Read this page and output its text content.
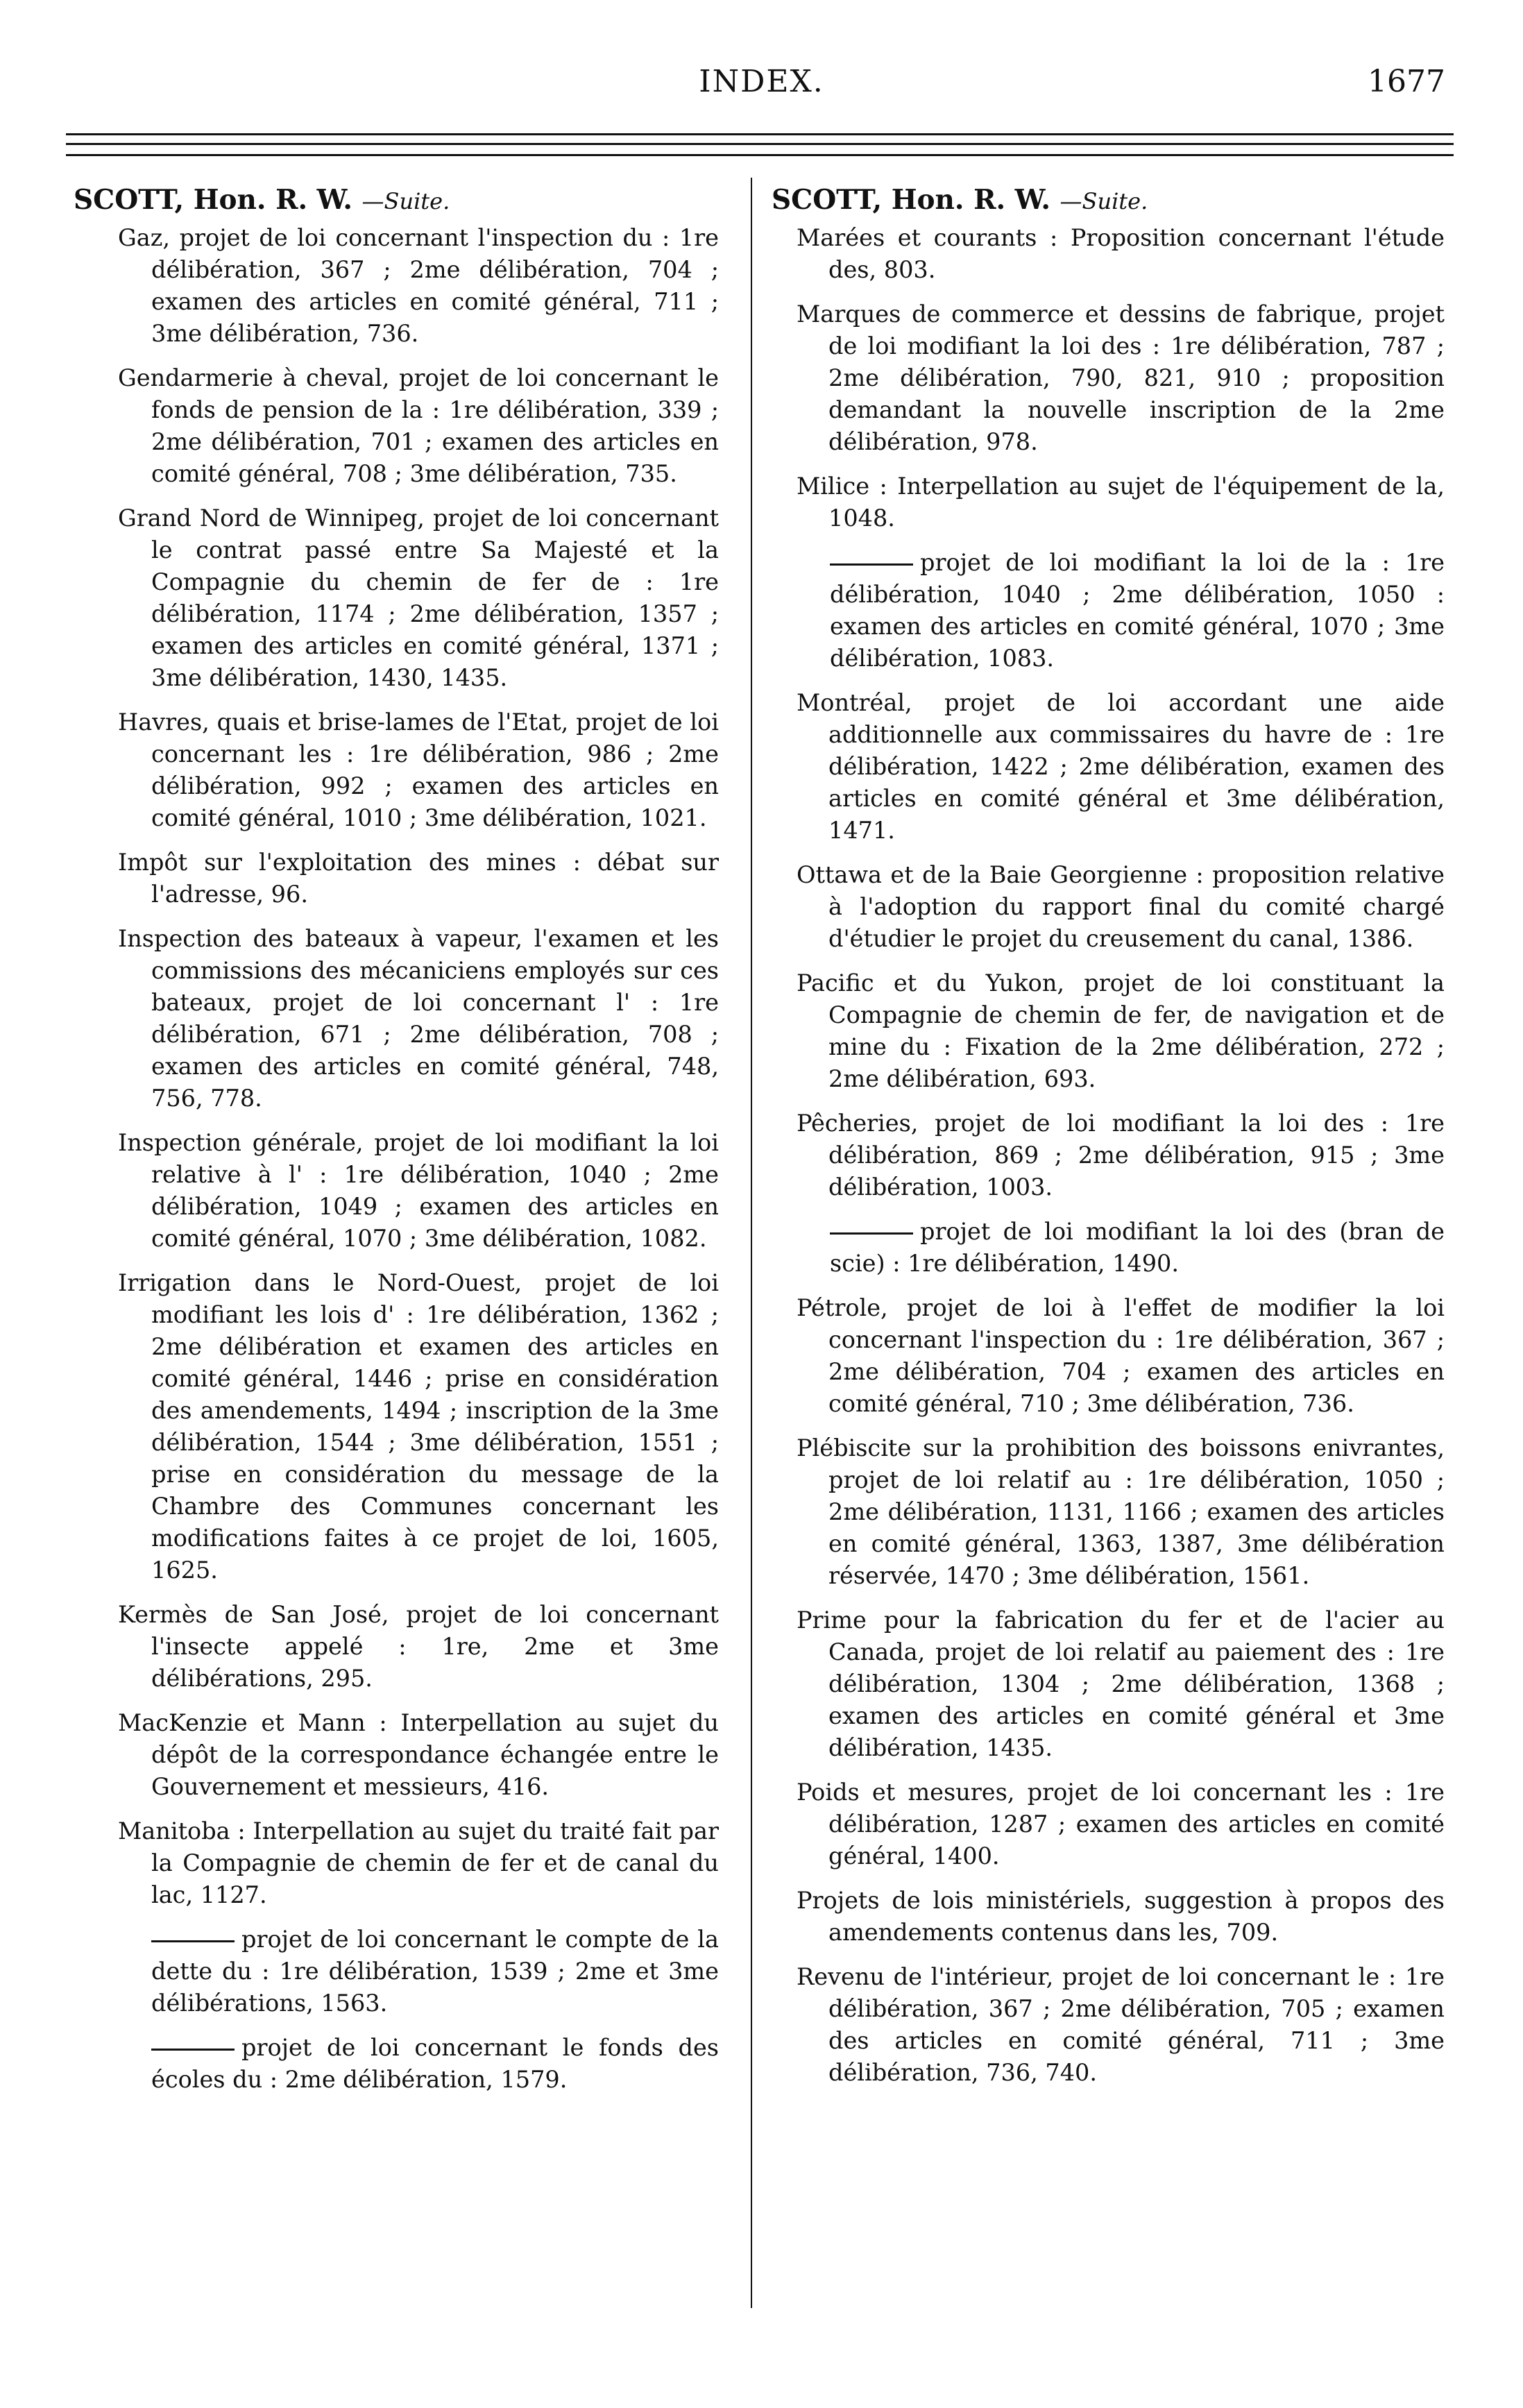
INDEX.	1677
SCOTT, Hon. R. W. —Suite.

Gaz, projet de loi concernant l'inspection du : 1re délibération, 367 ; 2me délibération, 704 ; examen des articles en comité général, 711 ; 3me délibération, 736.

Gendarmerie à cheval, projet de loi concernant le fonds de pension de la : 1re délibération, 339 ; 2me délibération, 701 ; examen des articles en comité général, 708 ; 3me délibération, 735.

Grand Nord de Winnipeg, projet de loi concernant le contrat passé entre Sa Majesté et la Compagnie du chemin de fer de : 1re délibération, 1174 ; 2me délibération, 1357 ; examen des articles en comité général, 1371 ; 3me délibération, 1430, 1435.

Havres, quais et brise-lames de l'Etat, projet de loi concernant les : 1re délibération, 986 ; 2me délibération, 992 ; examen des articles en comité général, 1010 ; 3me délibération, 1021.

Impôt sur l'exploitation des mines : débat sur l'adresse, 96.

Inspection des bateaux à vapeur, l'examen et les commissions des mécaniciens employés sur ces bateaux, projet de loi concernant l' : 1re délibération, 671 ; 2me délibération, 708 ; examen des articles en comité général, 748, 756, 778.

Inspection générale, projet de loi modifiant la loi relative à l' : 1re délibération, 1040 ; 2me délibération, 1049 ; examen des articles en comité général, 1070 ; 3me délibération, 1082.

Irrigation dans le Nord-Ouest, projet de loi modifiant les lois d' : 1re délibération, 1362 ; 2me délibération et examen des articles en comité général, 1446 ; prise en considération des amendements, 1494 ; inscription de la 3me délibération, 1544 ; 3me délibération, 1551 ; prise en considération du message de la Chambre des Communes concernant les modifications faites à ce projet de loi, 1605, 1625.

Kermès de San José, projet de loi concernant l'insecte appelé : 1re, 2me et 3me délibérations, 295.

MacKenzie et Mann : Interpellation au sujet du dépôt de la correspondance échangée entre le Gouvernement et messieurs, 416.

Manitoba : Interpellation au sujet du traité fait par la Compagnie de chemin de fer et de canal du lac, 1127.

projet de loi concernant le compte de la dette du : 1re délibération, 1539 ; 2me et 3me délibérations, 1563.

projet de loi concernant le fonds des écoles du : 2me délibération, 1579.

SCOTT, Hon. R. W. —Suite.

Marées et courants : Proposition concernant l'étude des, 803.

Marques de commerce et dessins de fabrique, projet de loi modifiant la loi des : 1re délibération, 787 ; 2me délibération, 790, 821, 910 ; proposition demandant la nouvelle inscription de la 2me délibération, 978.

Milice : Interpellation au sujet de l'équipement de la, 1048.

projet de loi modifiant la loi de la : 1re délibération, 1040 ; 2me délibération, 1050 : examen des articles en comité général, 1070 ; 3me délibération, 1083.

Montréal, projet de loi accordant une aide additionnelle aux commissaires du havre de : 1re délibération, 1422 ; 2me délibération, examen des articles en comité général et 3me délibération, 1471.

Ottawa et de la Baie Georgienne : proposition relative à l'adoption du rapport final du comité chargé d'étudier le projet du creusement du canal, 1386.

Pacific et du Yukon, projet de loi constituant la Compagnie de chemin de fer, de navigation et de mine du : Fixation de la 2me délibération, 272 ; 2me délibération, 693.

Pêcheries, projet de loi modifiant la loi des : 1re délibération, 869 ; 2me délibération, 915 ; 3me délibération, 1003.

projet de loi modifiant la loi des (bran de scie) : 1re délibération, 1490.

Pétrole, projet de loi à l'effet de modifier la loi concernant l'inspection du : 1re délibération, 367 ; 2me délibération, 704 ; examen des articles en comité général, 710 ; 3me délibération, 736.

Plébiscite sur la prohibition des boissons enivrantes, projet de loi relatif au : 1re délibération, 1050 ; 2me délibération, 1131, 1166 ; examen des articles en comité général, 1363, 1387, 3me délibération réservée, 1470 ; 3me délibération, 1561.

Prime pour la fabrication du fer et de l'acier au Canada, projet de loi relatif au paiement des : 1re délibération, 1304 ; 2me délibération, 1368 ; examen des articles en comité général et 3me délibération, 1435.

Poids et mesures, projet de loi concernant les : 1re délibération, 1287 ; examen des articles en comité général, 1400.

Projets de lois ministériels, suggestion à propos des amendements contenus dans les, 709.

Revenu de l'intérieur, projet de loi concernant le : 1re délibération, 367 ; 2me délibération, 705 ; examen des articles en comité général, 711 ; 3me délibération, 736, 740.
